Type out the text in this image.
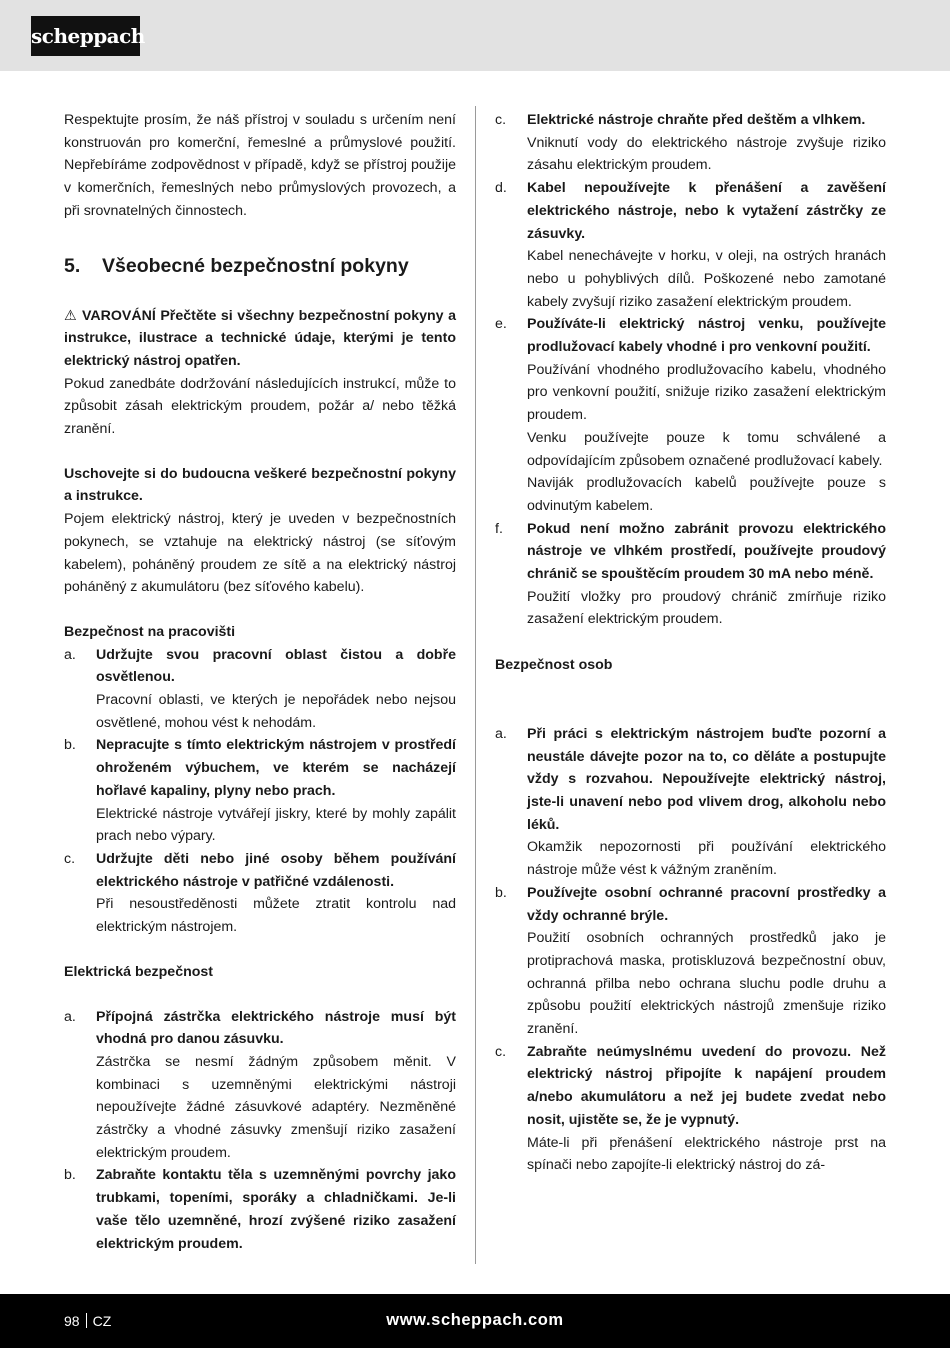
scheppach

Respektujte prosím, že náš přístroj v souladu s určením není konstruován pro komerční, řemeslné a průmyslové použití. Nepřebíráme zodpovědnost v případě, když se přístroj použije v komerčních, řemeslných nebo průmyslových provozech, a při srovnatelných činnostech.

5.	Všeobecné bezpečnostní pokyny

⚠ VAROVÁNÍ Přečtěte si všechny bezpečnostní pokyny a instrukce, ilustrace a technické údaje, kterými je tento elektrický nástroj opatřen.

Pokud zanedbáte dodržování následujících instrukcí, může to způsobit zásah elektrickým proudem, požár a/ nebo těžká zranění.

Uschovejte si do budoucna veškeré bezpečnostní pokyny a instrukce.

Pojem elektrický nástroj, který je uveden v bezpečnostních pokynech, se vztahuje na elektrický nástroj (se síťovým kabelem), poháněný proudem ze sítě a na elektrický nástroj poháněný z akumulátoru (bez síťového kabelu).

Bezpečnost na pracovišti

a.	Udržujte svou pracovní oblast čistou a dobře osvětlenou.

Pracovní oblasti, ve kterých je nepořádek nebo nejsou osvětlené, mohou vést k nehodám.

b.	Nepracujte s tímto elektrickým nástrojem v prostředí ohroženém výbuchem, ve kterém se nacházejí hořlavé kapaliny, plyny nebo prach.

Elektrické nástroje vytvářejí jiskry, které by mohly zapálit prach nebo výpary.

c.	Udržujte děti nebo jiné osoby během používání elektrického nástroje v patřičné vzdálenosti.

Při nesoustředěnosti můžete ztratit kontrolu nad elektrickým nástrojem.

Elektrická bezpečnost

a.	Přípojná zástrčka elektrického nástroje musí být vhodná pro danou zásuvku.

Zástrčka se nesmí žádným způsobem měnit. V kombinaci s uzemněnými elektrickými nástroji nepoužívejte žádné zásuvkové adaptéry. Nezměněné zástrčky a vhodné zásuvky zmenšují riziko zasažení elektrickým proudem.

b.	Zabraňte kontaktu těla s uzemněnými povrchy jako trubkami, topeními, sporáky a chladničkami. Je-li vaše tělo uzemněné, hrozí zvýšené riziko zasažení elektrickým proudem.

c.	Elektrické nástroje chraňte před deštěm a vlhkem.

Vniknutí vody do elektrického nástroje zvyšuje riziko zásahu elektrickým proudem.

d.	Kabel nepoužívejte k přenášení a zavěšení elektrického nástroje, nebo k vytažení zástrčky ze zásuvky.

Kabel nenechávejte v horku, v oleji, na ostrých hranách nebo u pohyblivých dílů. Poškozené nebo zamotané kabely zvyšují riziko zasažení elektrickým proudem.

e.	Používáte-li elektrický nástroj venku, používejte prodlužovací kabely vhodné i pro venkovní použití.

Používání vhodného prodlužovacího kabelu, vhodného pro venkovní použití, snižuje riziko zasažení elektrickým proudem.

Venku používejte pouze k tomu schválené a odpovídajícím způsobem označené prodlužovací kabely.

Naviják prodlužovacích kabelů používejte pouze s odvinutým kabelem.

f.	Pokud není možno zabránit provozu elektrického nástroje ve vlhkém prostředí, používejte proudový chránič se spouštěcím proudem 30 mA nebo méně.

Použití vložky pro proudový chránič zmírňuje riziko zasažení elektrickým proudem.

Bezpečnost osob

a.	Při práci s elektrickým nástrojem buďte pozorní a neustále dávejte pozor na to, co děláte a postupujte vždy s rozvahou. Nepoužívejte elektrický nástroj, jste-li unavení nebo pod vlivem drog, alkoholu nebo léků.

Okamžik nepozornosti při používání elektrického nástroje může vést k vážným zraněním.

b.	Používejte osobní ochranné pracovní prostředky a vždy ochranné brýle.

Použití osobních ochranných prostředků jako je protiprachová maska, protiskluzová bezpečnostní obuv, ochranná přilba nebo ochrana sluchu podle druhu a způsobu použití elektrických nástrojů zmenšuje riziko zranění.

c.	Zabraňte neúmyslnému uvedení do provozu. Než elektrický nástroj připojíte k napájení proudem a/nebo akumulátoru a než jej budete zvedat nebo nosit, ujistěte se, že je vypnutý.

Máte-li při přenášení elektrického nástroje prst na spínači nebo zapojíte-li elektrický nástroj do zá-

98 CZ	www.scheppach.com
